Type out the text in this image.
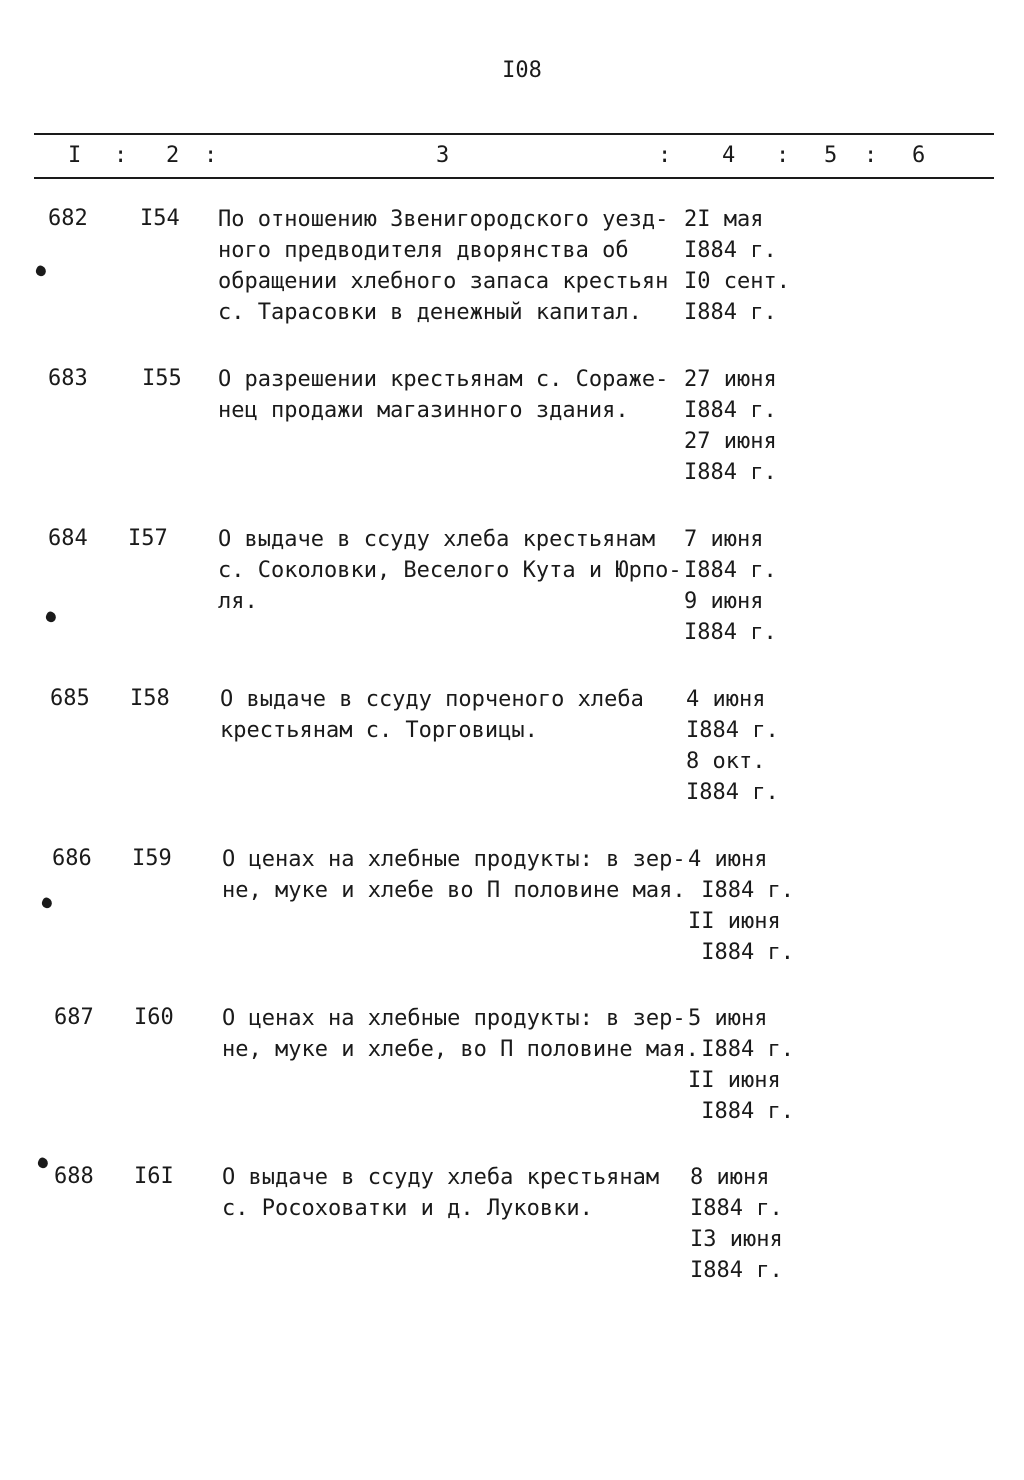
I08
I : 2 :	3	: 4 : 5 : 6
682 I54 По отношению Звенигородского уезд-
ного предводителя дворянства об
обращении хлебного запаса крестьян
с. Тарасовки в денежный капитал.
2I мая
I884 г.
I0 сент.
I884 г.
683 I55 О разрешении крестьянам с. Соражe-
нец продажи магазинного здания.
27 июня
I884 г.
27 июня
I884 г.
684 I57 О выдаче в ссуду хлеба крестьянам
с. Соколовки, Веселого Кута и Юрпо-
ля.
7 июня
I884 г.
9 июня
I884 г.
685 I58 О выдаче в ссуду порченого хлеба
крестьянам с. Торговицы.
4 июня
I884 г.
8 окт.
I884 г.
686 I59 О ценах на хлебные продукты: в зер-
не, муке и хлебе во П половине мая.
4 июня
I884 г.
II июня
I884 г.
687 I60 О ценах на хлебные продукты: в зер-
не, муке и хлебе, во П половине мая.
5 июня
I884 г.
II июня
I884 г.
688 I6I О выдаче в ссуду хлеба крестьянам
с. Росоховатки и д. Луковки.
8 июня
I884 г.
I3 июня
I884 г.
